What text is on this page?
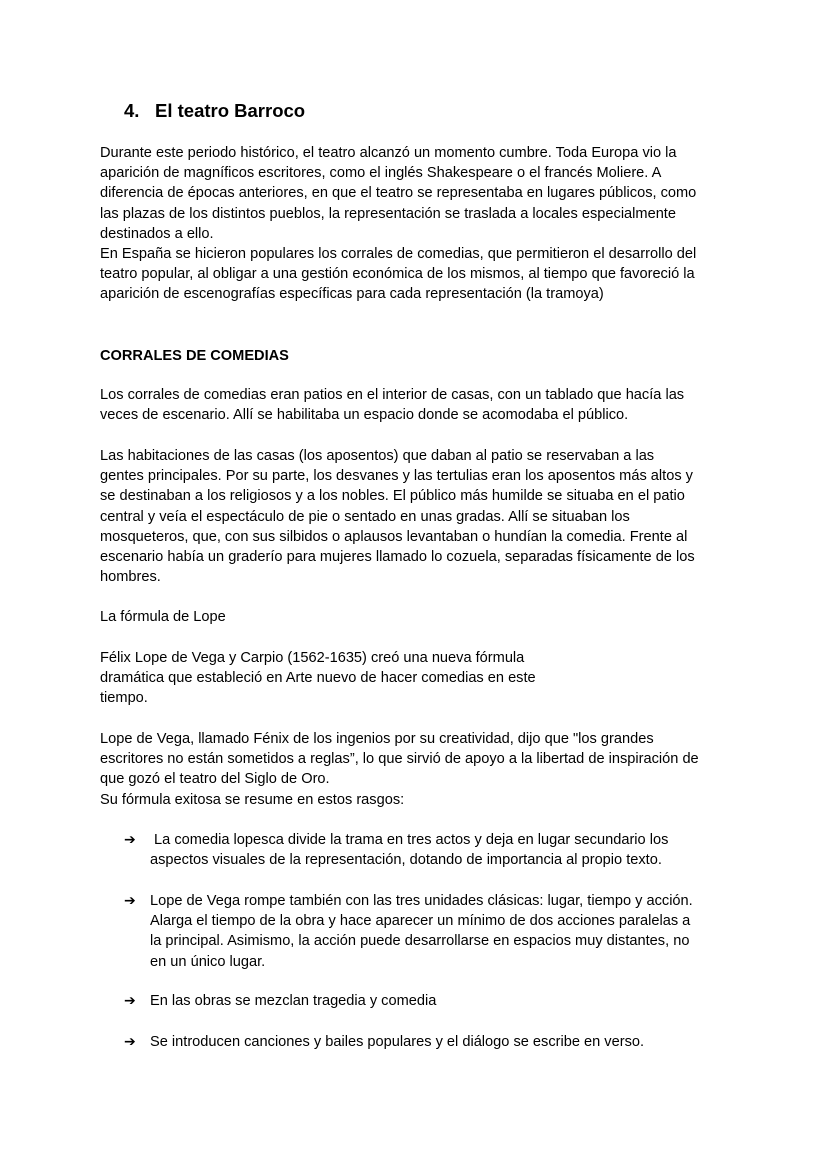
4. El teatro Barroco
Durante este periodo histórico, el teatro alcanzó un momento cumbre. Toda Europa vio la
aparición de magníficos escritores, como el inglés Shakespeare o el francés Moliere. A
diferencia de épocas anteriores, en que el teatro se representaba en lugares públicos, como
las plazas de los distintos pueblos, la representación se traslada a locales especialmente
destinados a ello.
En España se hicieron populares los corrales de comedias, que permitieron el desarrollo del
teatro popular, al obligar a una gestión económica de los mismos, al tiempo que favoreció la
aparición de escenografías específicas para cada representación (la tramoya)
CORRALES DE COMEDIAS
Los corrales de comedias eran patios en el interior de casas, con un tablado que hacía las
veces de escenario. Allí se habilitaba un espacio donde se acomodaba el público.
Las habitaciones de las casas (los aposentos) que daban al patio se reservaban a las
gentes principales. Por su parte, los desvanes y las tertulias eran los aposentos más altos y
se destinaban a los religiosos y a los nobles. El público más humilde se situaba en el patio
central y veía el espectáculo de pie o sentado en unas gradas. Allí se situaban los
mosqueteros, que, con sus silbidos o aplausos levantaban o hundían la comedia. Frente al
escenario había un graderío para mujeres llamado lo cozuela, separadas físicamente de los
hombres.
La fórmula de Lope
Félix Lope de Vega y Carpio (1562-1635) creó una nueva fórmula
dramática que estableció en Arte nuevo de hacer comedias en este
tiempo.
Lope de Vega, llamado Fénix de los ingenios por su creatividad, dijo que "los grandes
escritores no están sometidos a reglas”, lo que sirvió de apoyo a la libertad de inspiración de
que gozó el teatro del Siglo de Oro.
Su fórmula exitosa se resume en estos rasgos:
➔ La comedia lopesca divide la trama en tres actos y deja en lugar secundario los
aspectos visuales de la representación, dotando de importancia al propio texto.
➔ Lope de Vega rompe también con las tres unidades clásicas: lugar, tiempo y acción.
Alarga el tiempo de la obra y hace aparecer un mínimo de dos acciones paralelas a
la principal. Asimismo, la acción puede desarrollarse en espacios muy distantes, no
en un único lugar.
➔ En las obras se mezclan tragedia y comedia
➔ Se introducen canciones y bailes populares y el diálogo se escribe en verso.
